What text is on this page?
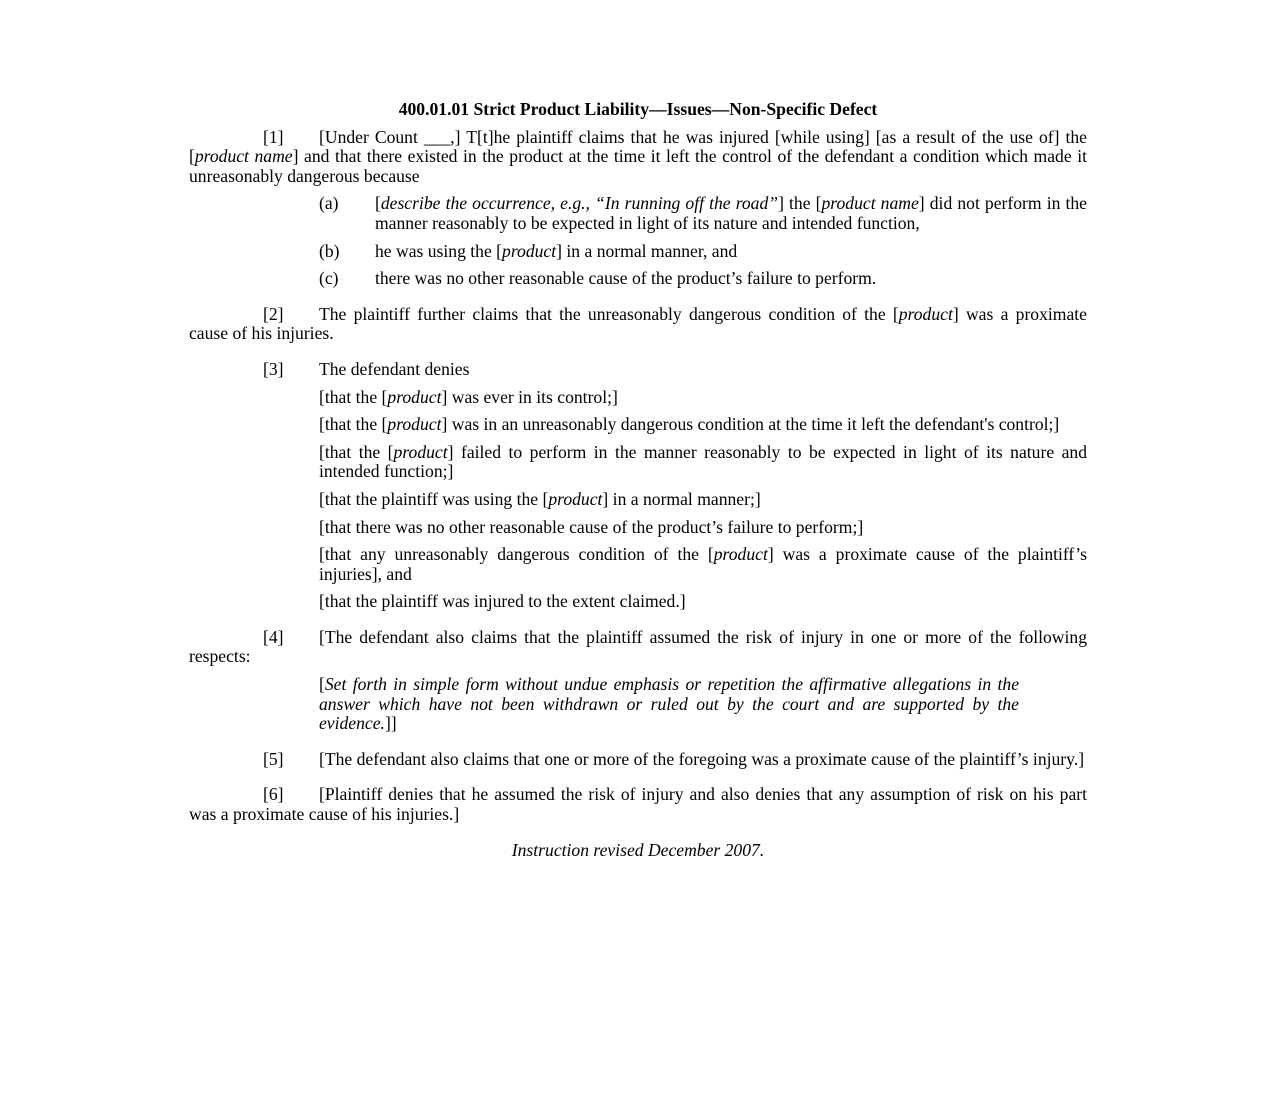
400.01.01 Strict Product Liability—Issues—Non-Specific Defect

[1] [Under Count ___,] T[t]he plaintiff claims that he was injured [while using] [as a result of the use of] the [product name] and that there existed in the product at the time it left the control of the defendant a condition which made it unreasonably dangerous because

(a) [describe the occurrence, e.g., “In running off the road”] the [product name] did not perform in the manner reasonably to be expected in light of its nature and intended function,
(b) he was using the [product] in a normal manner, and
(c) there was no other reasonable cause of the product’s failure to perform.

[2] The plaintiff further claims that the unreasonably dangerous condition of the [product] was a proximate cause of his injuries.

[3] The defendant denies

[that the [product] was ever in its control;]
[that the [product] was in an unreasonably dangerous condition at the time it left the defendant's control;]
[that the [product] failed to perform in the manner reasonably to be expected in light of its nature and intended function;]
[that the plaintiff was using the [product] in a normal manner;]
[that there was no other reasonable cause of the product’s failure to perform;]
[that any unreasonably dangerous condition of the [product] was a proximate cause of the plaintiff’s injuries], and
[that the plaintiff was injured to the extent claimed.]

[4] [The defendant also claims that the plaintiff assumed the risk of injury in one or more of the following respects:

[Set forth in simple form without undue emphasis or repetition the affirmative allegations in the answer which have not been withdrawn or ruled out by the court and are supported by the evidence.]]

[5] [The defendant also claims that one or more of the foregoing was a proximate cause of the plaintiff’s injury.]

[6] [Plaintiff denies that he assumed the risk of injury and also denies that any assumption of risk on his part was a proximate cause of his injuries.]

Instruction revised December 2007.
